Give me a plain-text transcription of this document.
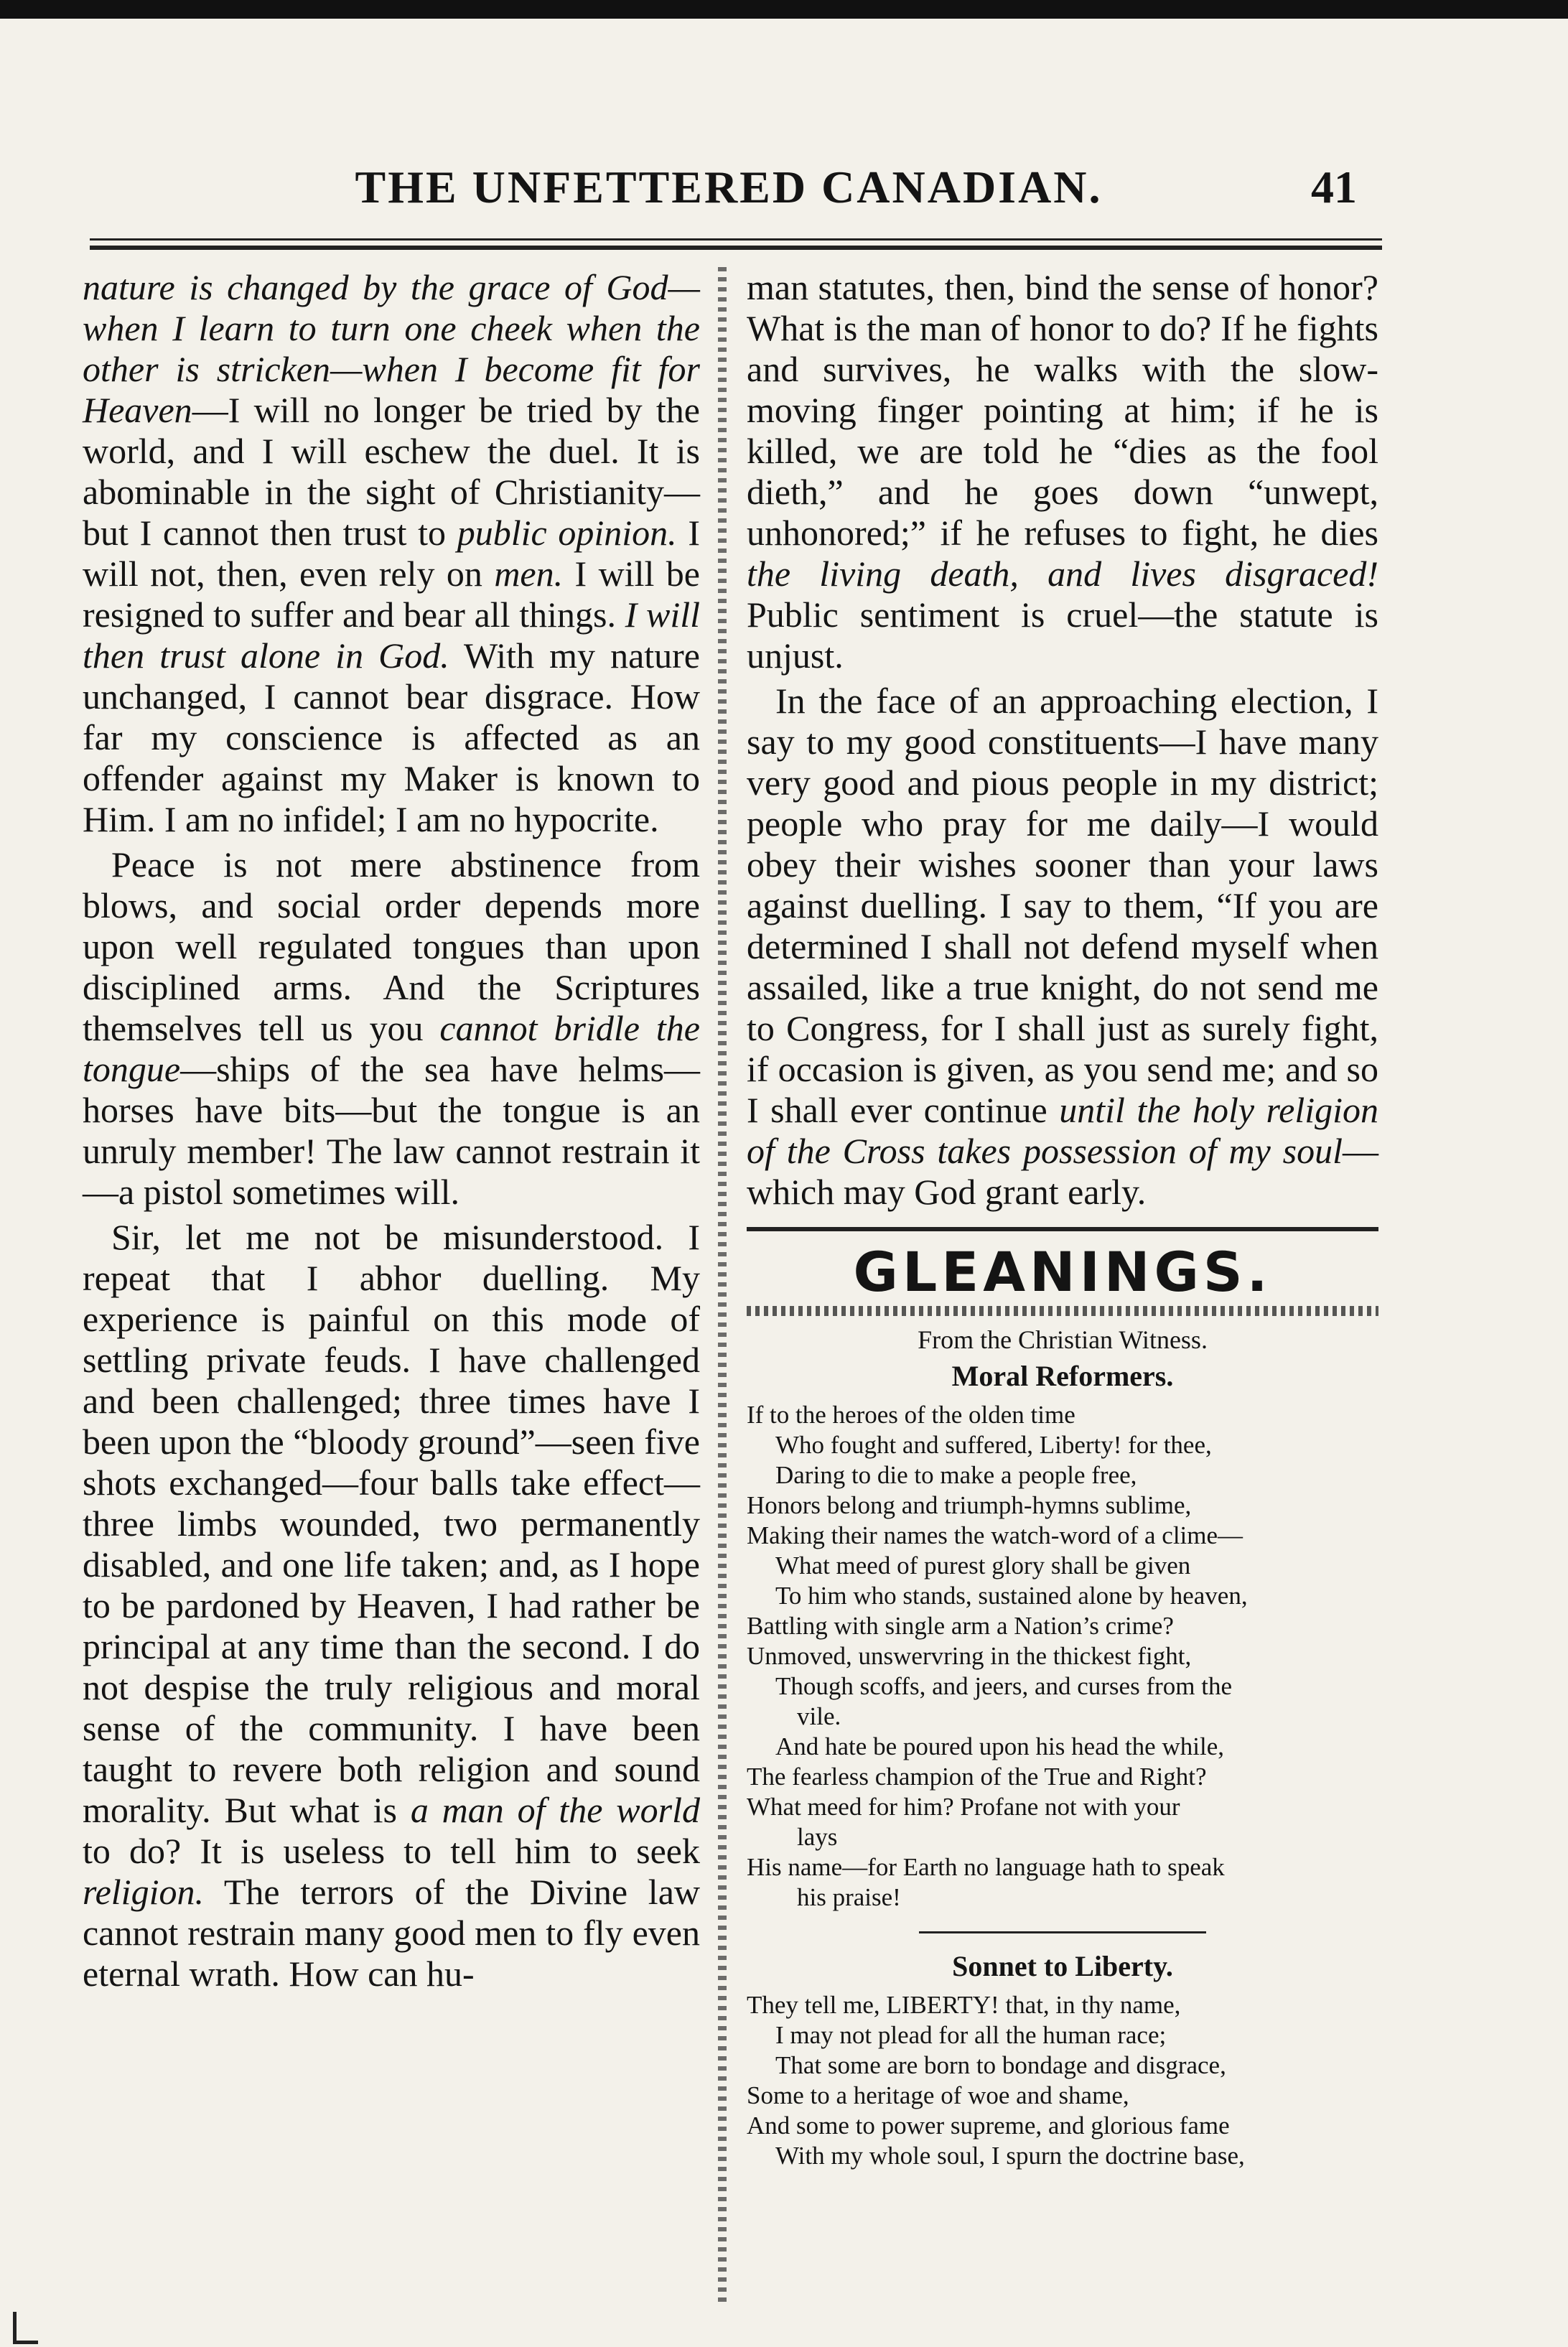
THE UNFETTERED CANADIAN.	41

nature is changed by the grace of God—when I learn to turn one cheek when the other is stricken—when I become fit for Heaven—I will no longer be tried by the world, and I will eschew the duel. It is abominable in the sight of Christianity—but I cannot then trust to public opinion. I will not, then, even rely on men. I will be resigned to suffer and bear all things. I will then trust alone in God. With my nature unchanged, I cannot bear disgrace. How far my conscience is affected as an offender against my Maker is known to Him. I am no infidel; I am no hypocrite.

Peace is not mere abstinence from blows, and social order depends more upon well regulated tongues than upon disciplined arms. And the Scriptures themselves tell us you cannot bridle the tongue—ships of the sea have helms—horses have bits—but the tongue is an unruly member! The law cannot restrain it—a pistol sometimes will.

Sir, let me not be misunderstood. I repeat that I abhor duelling. My experience is painful on this mode of settling private feuds. I have challenged and been challenged; three times have I been upon the “bloody ground”—seen five shots exchanged—four balls take effect—three limbs wounded, two permanently disabled, and one life taken; and, as I hope to be pardoned by Heaven, I had rather be principal at any time than the second. I do not despise the truly religious and moral sense of the community. I have been taught to revere both religion and sound morality. But what is a man of the world to do? It is useless to tell him to seek religion. The terrors of the Divine law cannot restrain many good men to fly even eternal wrath. How can hu-

man statutes, then, bind the sense of honor? What is the man of honor to do? If he fights and survives, he walks with the slow-moving finger pointing at him; if he is killed, we are told he “dies as the fool dieth,” and he goes down “unwept, unhonored;” if he refuses to fight, he dies the living death, and lives disgraced! Public sentiment is cruel—the statute is unjust.

In the face of an approaching election, I say to my good constituents—I have many very good and pious people in my district; people who pray for me daily—I would obey their wishes sooner than your laws against duelling. I say to them, “If you are determined I shall not defend myself when assailed, like a true knight, do not send me to Congress, for I shall just as surely fight, if occasion is given, as you send me; and so I shall ever continue until the holy religion of the Cross takes possession of my soul—which may God grant early.

GLEANINGS.
From the Christian Witness.
Moral Reformers.
If to the heroes of the olden time
Who fought and suffered, Liberty! for thee,
Daring to die to make a people free,
Honors belong and triumph-hymns sublime,
Making their names the watch-word of a clime—
What meed of purest glory shall be given
To him who stands, sustained alone by heaven,
Battling with single arm a Nation’s crime?
Unmoved, unswervring in the thickest fight,
Though scoffs, and jeers, and curses from the
vile.
And hate be poured upon his head the while,
The fearless champion of the True and Right?
What meed for him? Profane not with your
lays
His name—for Earth no language hath to speak
his praise!
Sonnet to Liberty.
They tell me, LIBERTY! that, in thy name,
I may not plead for all the human race;
That some are born to bondage and disgrace,
Some to a heritage of woe and shame,
And some to power supreme, and glorious fame
With my whole soul, I spurn the doctrine base,
